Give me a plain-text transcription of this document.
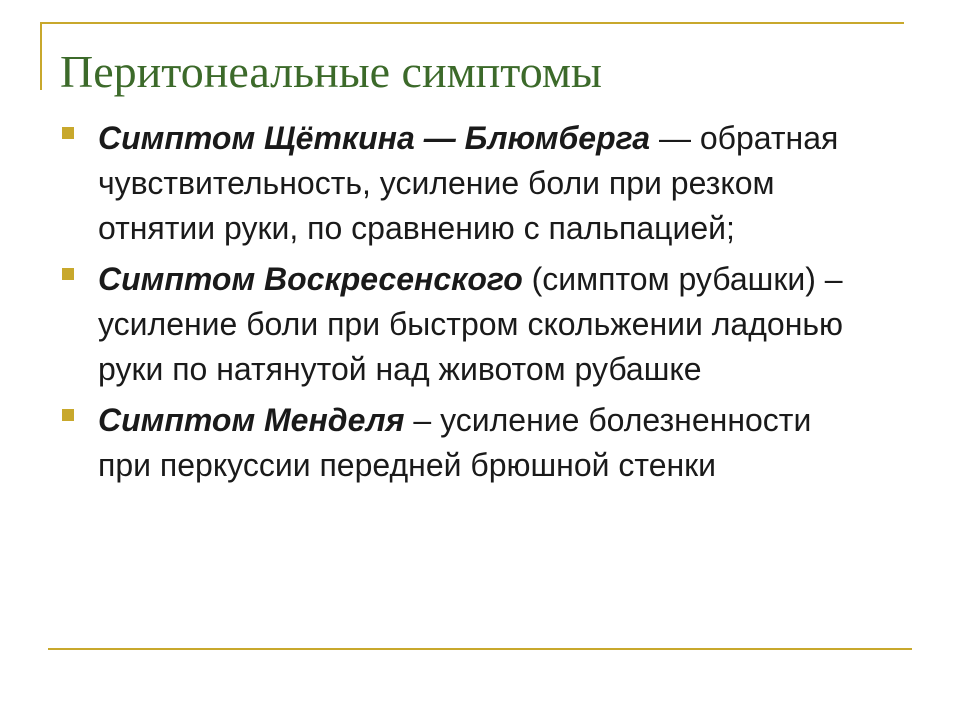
Перитонеальные симптомы
Симптом Щёткина — Блюмберга — обратная чувствительность, усиление боли при резком отнятии руки, по сравнению с пальпацией;
Симптом Воскресенского (симптом рубашки) – усиление боли при быстром скольжении ладонью руки по натянутой над животом рубашке
Симптом Менделя – усиление болезненности при перкуссии передней брюшной стенки
